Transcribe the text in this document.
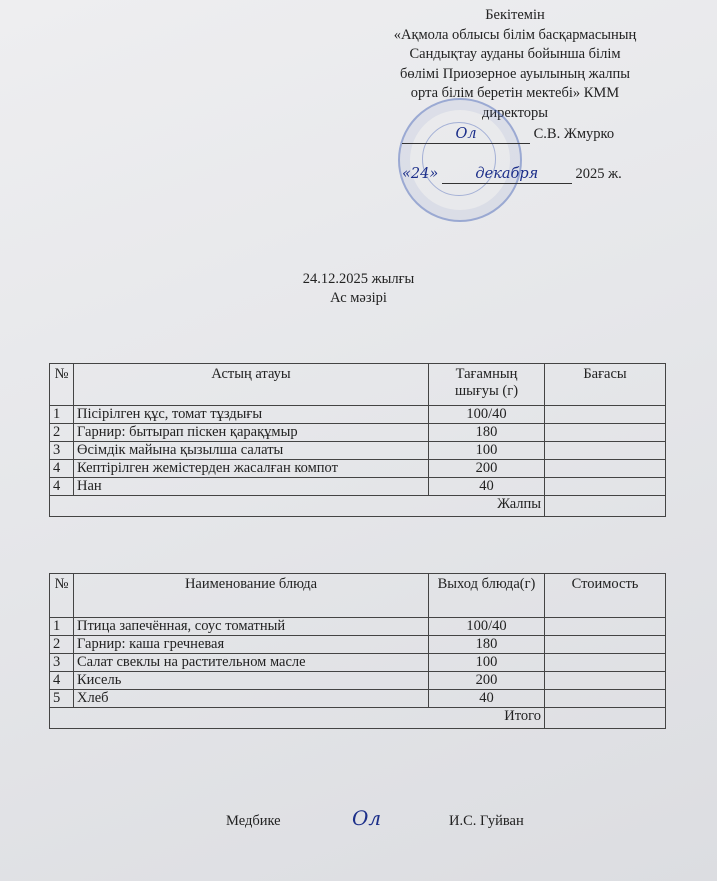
Бекітемін
«Ақмола облысы білім басқармасының
Сандықтау ауданы бойынша білім
бөлімі Приозерное ауылының жалпы
орта білім беретін мектебі» КММ
директоры
Ол	С.В. Жмурко
«24»	декабря	2025 ж.
24.12.2025 жылғы
Ас мәзірі
№	Астың атауы	Тағамның шығуы (г)	Бағасы
1	Пісірілген құс, томат тұздығы	100/40	
2	Гарнир: бытырап піскен қарақұмыр	180	
3	Өсімдік майына қызылша салаты	100	
4	Кептірілген жемістерден жасалған компот	200	
4	Нан	40	
Жалпы			
№	Наименование блюда	Выход блюда(г)	Стоимость
1	Птица запечённая, соус томатный	100/40	
2	Гарнир: каша гречневая	180	
3	Салат свеклы на растительном масле	100	
4	Кисель	200	
5	Хлеб	40	
Итого			
Медбике	Ол	И.С. Гуйван
